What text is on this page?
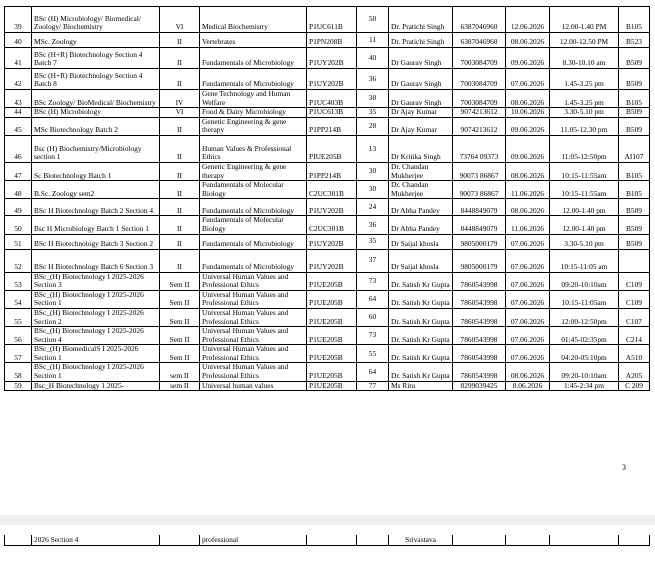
39	BSc (H) Microbiology/ Biomedical/ Zoology/ Biochemistry	VI	Medical Biochemistry	P1UC611B	50	Dr. Pratichi Singh	6387046960	12.06.2026	12.00-1.40 PM	B105
40	MSc. Zoology	II	Vertebrates	P1PN208B	11	Dr. Pratichi Singh	6387046960	08.06.2026	12.00-12.50 PM	B523
41	BSc (H+R) Biotechnology Section 4 Batch 7	II	Fundamentals of Microbiology	P1UY202B	40	Dr Gaurav Singh	7003084709	09.06.2026	8.30-10.10 am	B509
42	BSc (H+R) Biotechnology Section 4 Batch 8	II	Fundamentals of Microbiology	P1UY202B	36	Dr Gaurav Singh	7003084709	07.06.2026	1.45-3.25 pm	B509
43	BSc Zoology/ BioMedical/ Biochemistry	IV	Gene Technology and Human Welfare	P1UC403B	38	Dr Gaurav Singh	7003084709	08.06.2026	1.45-3.25 pm	B105
44	BSc (H) Microbiology	VI	Food & Dairy Microbiology	P1UC613B	35	Dr Ajay Kumar	9074213612	10.06.2026	3.30-5.10 pm	B509
45	MSc Biotechnology Batch 2	II	Genetic Engineering & gene therapy	P1PP214B	28	Dr Ajay Kumar	9074213612	09.06.2026	11.05-12.30 pm	B509
46	Bsc (H) Biochemistry/Microbiology section 1	II	Human Values & Professional Ethics	PIUE205B	13	Dr Kritika Singh	73764 09373	09.06.2026	11:05-12:50pm	AI107
47	Sc Biotechnology Batch 1	II	Genetic Engineering & gene therapy	P1PP214B	30	Dr. Chandan Mukherjee	90073 86867	08.06.2026	10:15-11:55am	B105
48	B.Sc. Zoology sem2	II	Fundamentals of Molecular Biology	C2UC301B	30	Dr. Chandan Mukherjee	90073 86867	11.06.2026	10:15-11:55am	B105
49	BSc H Biotechnology Batch 2 Section 4	II	Fundamentals of Microbiology	P1UY202B	24	Dr Abha Pandey	8448849079	08.06.2026	12.00-1.40 pm	B509
50	Bsc H Microbiology Batch 1 Section 1	II	Fundamentals of Molecular Biology	C2UC301B	36	Dr Abha Pandey	8448849079	11.06.2026	12.00-1.40 pm	B509
51	BSc H Biotechnology Batch 3 Section 2	II	Fundamentals of Microbiology	P1UY202B	35	Dr Saijal khosla	9805000179	07.06.2026	3.30-5.10 pm	B509
52	BSc H Biotechnology Batch 6 Section 3	II	Fundamentals of Microbiology	P1UY202B	37	Dr Saijal khosla	9805000179	07.06.2026	10:15-11:05 am	
53	BSc_(H) Biotechnology I 2025-2026 Section 3	Sem II	Universal Human Values and Professional Ethics	P1UE205B	73	Dr. Satish Kr Gupta	7860543998	07.06.2026	09:20-10:10am	C109
54	BSc_(H) Biotechnology I 2025-2026 Section 1	Sem II	Universal Human Values and Professional Ethics	P1UE205B	64	Dr. Satish Kr Gupta	7860543998	07.06.2026	10:15-11:05am	C109
55	BSc_(H) Biotechnology I 2025-2026 Section 2	Sem II	Universal Human Values and Professional Ethics	P1UE205B	60	Dr. Satish Kr Gupta	7860543998	07.06.2026	12:00-12:50pm	C107
56	BSc_(H) Biotechnology I 2025-2026 Section 4	Sem II	Universal Human Values and Professional Ethics	P1UE205B	73	Dr. Satish Kr Gupta	7860543998	07.06.2026	01:45-02:35pm	C214
57	BSc_(H) BiomedicalS I 2025-2026 Section 1	Sem II	Universal Human Values and Professional Ethics	P1UE205B	55	Dr. Satish Kr Gupta	7860543998	07.06.2026	04:20-05:10pm	A510
58	BSc_(H) Biotechnology I 2025-2026 Section 1	sem II	Universal Human Values and Professional Ethics	P1UE205B	64	Dr. Satish Kr Gupta	7860543998	08.06.2026	09:20-10:10am	A205
59	Bsc_H Biotechnology 1 2025-	sem II	Universal human values	P1UE205B	77	Ms Ritu	8299039425	8.06.2026	1:45-2:34 pm	C 209
3
	2026 Section 4		professional			Srivastava				
